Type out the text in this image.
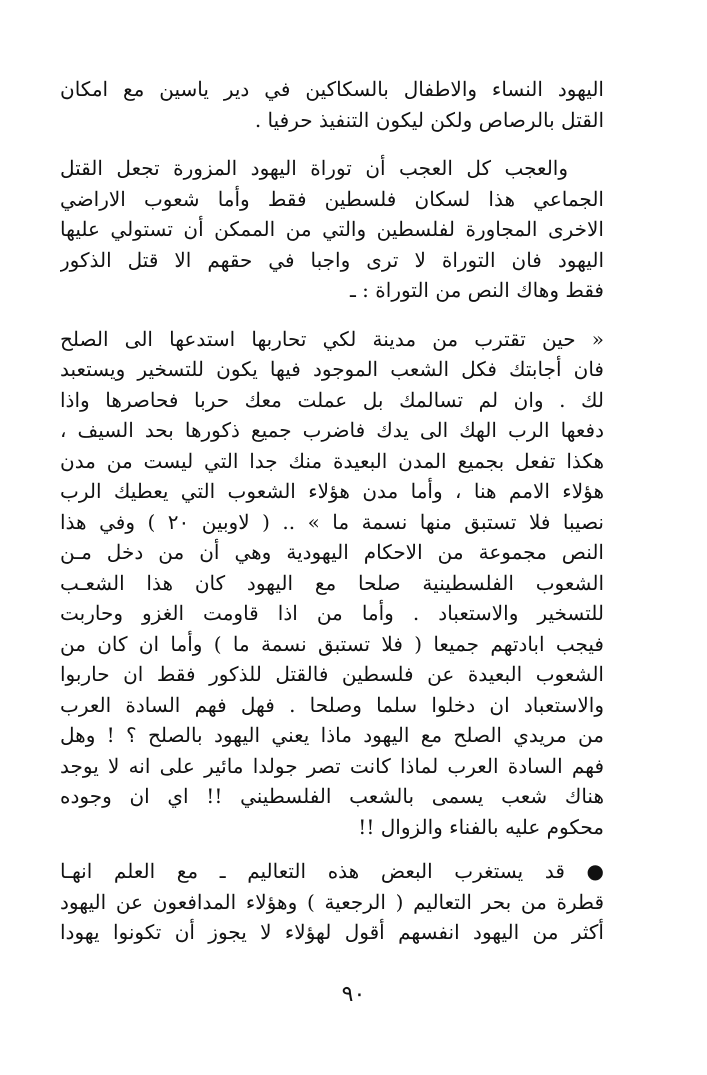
اليهود النساء والاطفال بالسكاكين في دير ياسين مع امكان
القتل بالرصاص ولكن ليكون التنفيذ حرفيا .
والعجب كل العجب أن توراة اليهود المزورة تجعل القتل
الجماعي هذا لسكان فلسطين فقط وأما شعوب الاراضي
الاخرى المجاورة لفلسطين والتي من الممكن أن تستولي عليها
اليهود فان التوراة لا ترى واجبا في حقهم الا قتل الذكور
فقط وهاك النص من التوراة : ـ
« حين تقترب من مدينة لكي تحاربها استدعها الى الصلح
فان أجابتك فكل الشعب الموجود فيها يكون للتسخير ويستعبد
لك . وان لم تسالمك بل عملت معك حربا فحاصرها واذا
دفعها الرب الهك الى يدك فاضرب جميع ذكورها بحد السيف ،
هكذا تفعل بجميع المدن البعيدة منك جدا التي ليست من مدن
هؤلاء الامم هنا ، وأما مدن هؤلاء الشعوب التي يعطيك الرب
نصيبا فلا تستبق منها نسمة ما » .. ( لاوبين ٢٠ ) وفي هذا
النص مجموعة من الاحكام اليهودية وهي أن من دخل مـن
الشعوب الفلسطينية صلحا مع اليهود كان هذا الشعـب
للتسخير والاستعباد . وأما من اذا قاومت الغزو وحاربت
فيجب ابادتهم جميعا ( فلا تستبق نسمة ما ) وأما ان كان من
الشعوب البعيدة عن فلسطين فالقتل للذكور فقط ان حاربوا
والاستعباد ان دخلوا سلما وصلحا . فهل فهم السادة العرب
من مريدي الصلح مع اليهود ماذا يعني اليهود بالصلح ؟ ! وهل
فهم السادة العرب لماذا كانت تصر جولدا مائير على انه لا يوجد
هناك شعب يسمى بالشعب الفلسطيني !! اي ان وجوده
محكوم عليه بالفناء والزوال !!
● قد يستغرب البعض هذه التعاليم ـ مع العلم انهـا
قطرة من بحر التعاليم ( الرجعية ) وهؤلاء المدافعون عن اليهود
أكثر من اليهود انفسهم أقول لهؤلاء لا يجوز أن تكونوا يهودا
٩٠
